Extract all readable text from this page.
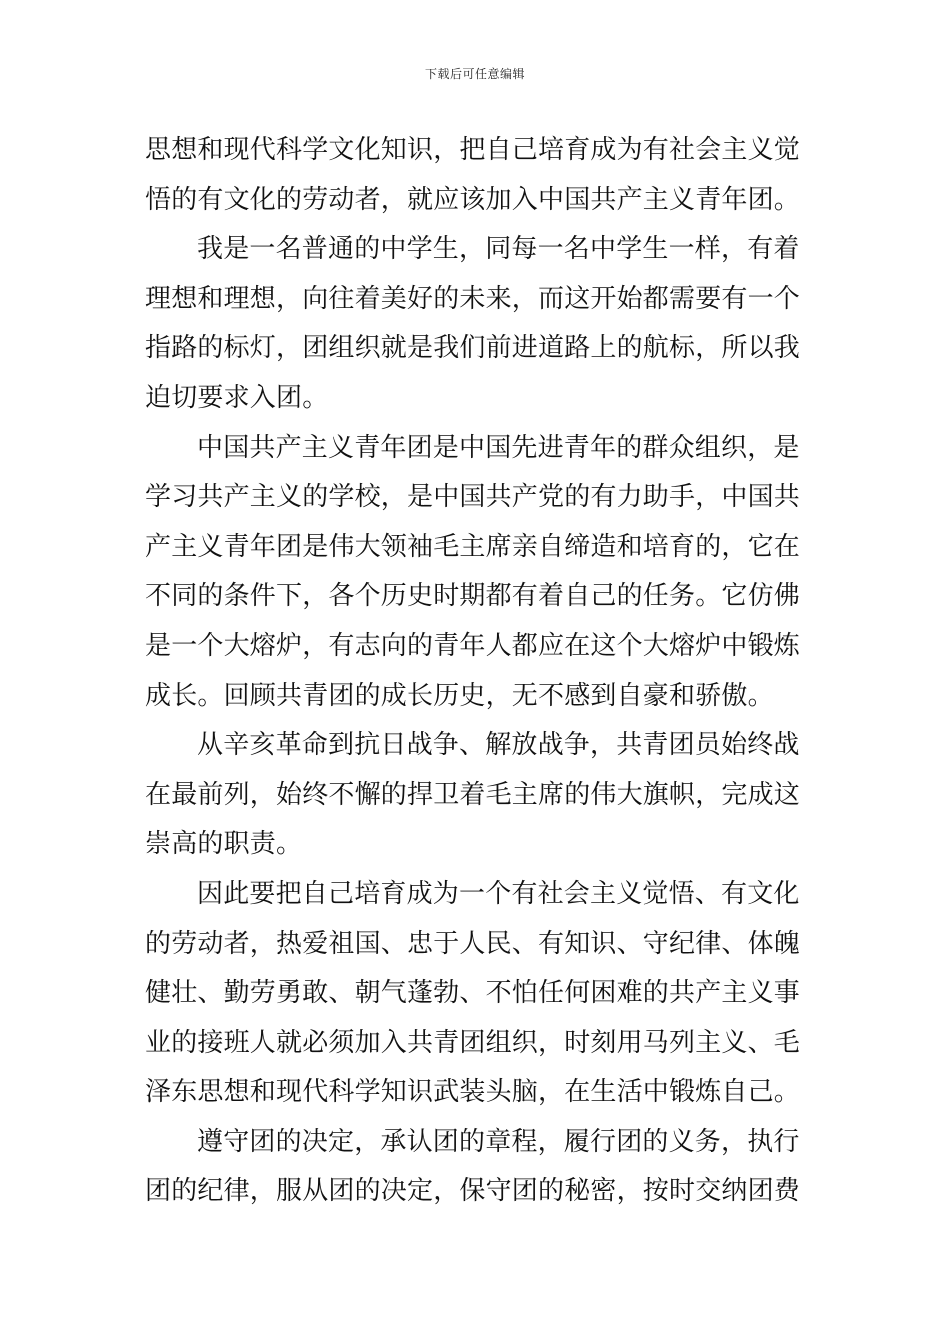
下载后可任意编辑
思想和现代科学文化知识，把自己培育成为有社会主义觉
悟的有文化的劳动者，就应该加入中国共产主义青年团。
我是一名普通的中学生，同每一名中学生一样，有着
理想和理想，向往着美好的未来，而这开始都需要有一个
指路的标灯，团组织就是我们前进道路上的航标，所以我
迫切要求入团。
中国共产主义青年团是中国先进青年的群众组织，是
学习共产主义的学校，是中国共产党的有力助手，中国共
产主义青年团是伟大领袖毛主席亲自缔造和培育的，它在
不同的条件下，各个历史时期都有着自己的任务。它仿佛
是一个大熔炉，有志向的青年人都应在这个大熔炉中锻炼
成长。回顾共青团的成长历史，无不感到自豪和骄傲。
从辛亥革命到抗日战争、解放战争，共青团员始终战
在最前列，始终不懈的捍卫着毛主席的伟大旗帜，完成这
崇高的职责。
因此要把自己培育成为一个有社会主义觉悟、有文化
的劳动者，热爱祖国、忠于人民、有知识、守纪律、体魄
健壮、勤劳勇敢、朝气蓬勃、不怕任何困难的共产主义事
业的接班人就必须加入共青团组织，时刻用马列主义、毛
泽东思想和现代科学知识武装头脑，在生活中锻炼自己。
遵守团的决定，承认团的章程，履行团的义务，执行
团的纪律，服从团的决定，保守团的秘密，按时交纳团费
